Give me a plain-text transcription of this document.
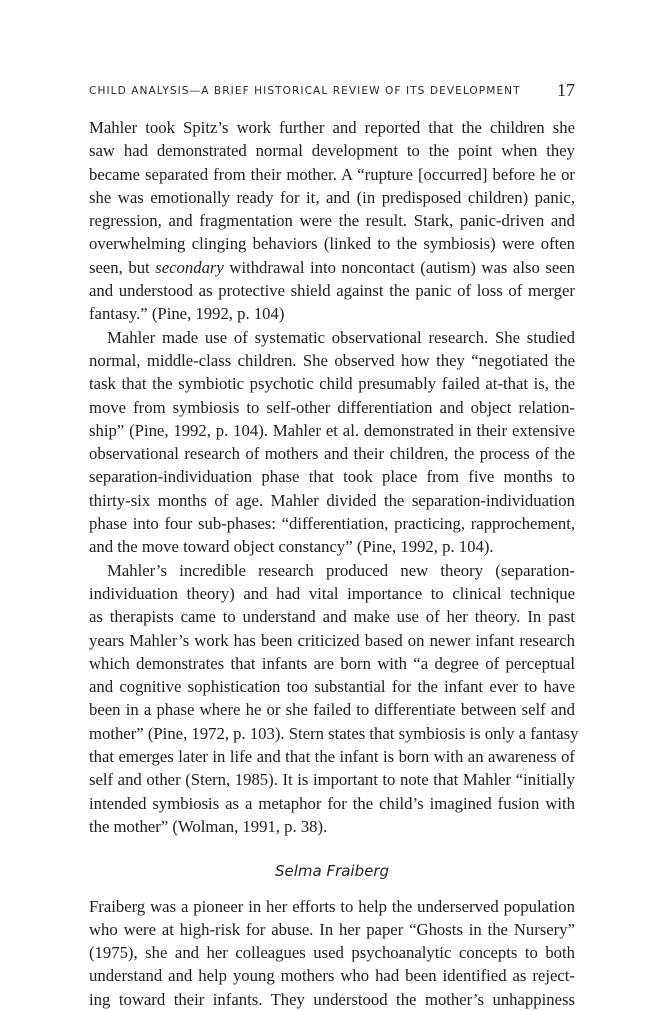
CHILD ANALYSIS—A BRIEF HISTORICAL REVIEW OF ITS DEVELOPMENT 17
Mahler took Spitz’s work further and reported that the children she
saw had demonstrated normal development to the point when they
became separated from their mother. A “rupture [occurred] before he or
she was emotionally ready for it, and (in predisposed children) panic,
regression, and fragmentation were the result. Stark, panic-driven and
overwhelming clinging behaviors (linked to the symbiosis) were often
seen, but secondary withdrawal into noncontact (autism) was also seen
and understood as protective shield against the panic of loss of merger
fantasy.” (Pine, 1992, p. 104)
Mahler made use of systematic observational research. She studied
normal, middle-class children. She observed how they “negotiated the
task that the symbiotic psychotic child presumably failed at-that is, the
move from symbiosis to self-other differentiation and object relation-
ship” (Pine, 1992, p. 104). Mahler et al. demonstrated in their extensive
observational research of mothers and their children, the process of the
separation-individuation phase that took place from five months to
thirty-six months of age. Mahler divided the separation-individuation
phase into four sub-phases: “differentiation, practicing, rapprochement,
and the move toward object constancy” (Pine, 1992, p. 104).
Mahler’s incredible research produced new theory (separation-
individuation theory) and had vital importance to clinical technique
as therapists came to understand and make use of her theory. In past
years Mahler’s work has been criticized based on newer infant research
which demonstrates that infants are born with “a degree of perceptual
and cognitive sophistication too substantial for the infant ever to have
been in a phase where he or she failed to differentiate between self and
mother” (Pine, 1972, p. 103). Stern states that symbiosis is only a fantasy
that emerges later in life and that the infant is born with an awareness of
self and other (Stern, 1985). It is important to note that Mahler “initially
intended symbiosis as a metaphor for the child’s imagined fusion with
the mother” (Wolman, 1991, p. 38).
Selma Fraiberg
Fraiberg was a pioneer in her efforts to help the underserved population
who were at high-risk for abuse. In her paper “Ghosts in the Nursery”
(1975), she and her colleagues used psychoanalytic concepts to both
understand and help young mothers who had been identified as reject-
ing toward their infants. They understood the mother’s unhappiness
